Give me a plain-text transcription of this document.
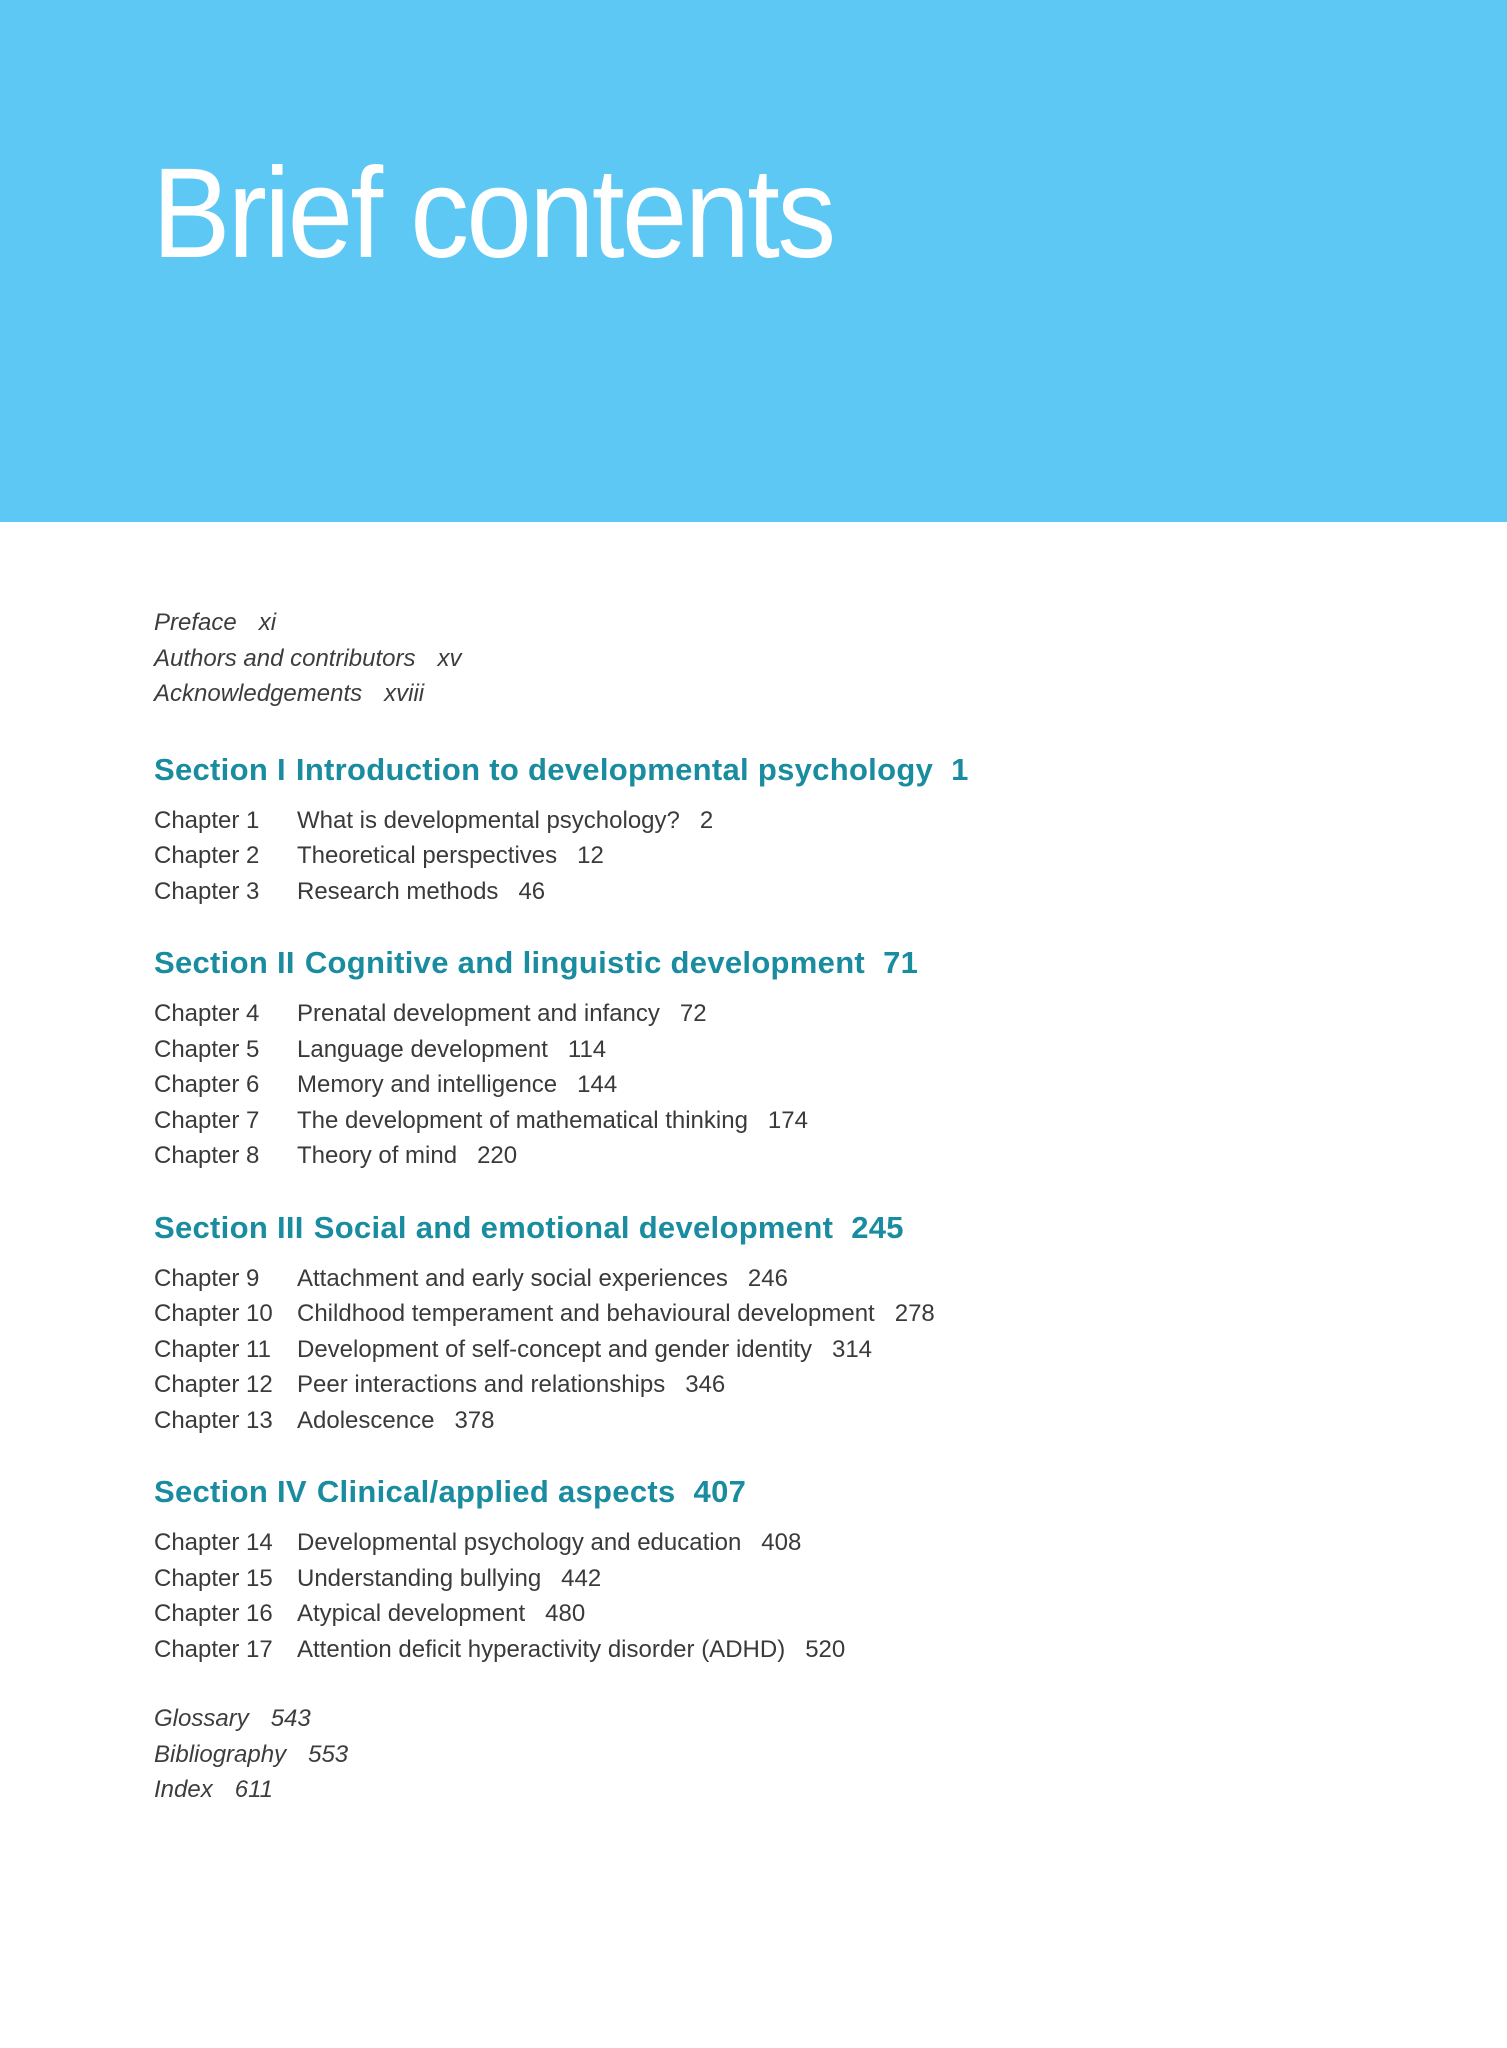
Brief contents
Preface xi
Authors and contributors xv
Acknowledgements xviii
Section I Introduction to developmental psychology 1
Chapter 1	What is developmental psychology? 2
Chapter 2	Theoretical perspectives 12
Chapter 3	Research methods 46
Section II Cognitive and linguistic development 71
Chapter 4	Prenatal development and infancy 72
Chapter 5	Language development 114
Chapter 6	Memory and intelligence 144
Chapter 7	The development of mathematical thinking 174
Chapter 8	Theory of mind 220
Section III Social and emotional development 245
Chapter 9	Attachment and early social experiences 246
Chapter 10	Childhood temperament and behavioural development 278
Chapter 11	Development of self-concept and gender identity 314
Chapter 12	Peer interactions and relationships 346
Chapter 13	Adolescence 378
Section IV Clinical/applied aspects 407
Chapter 14	Developmental psychology and education 408
Chapter 15	Understanding bullying 442
Chapter 16	Atypical development 480
Chapter 17	Attention deficit hyperactivity disorder (ADHD) 520
Glossary 543
Bibliography 553
Index 611
